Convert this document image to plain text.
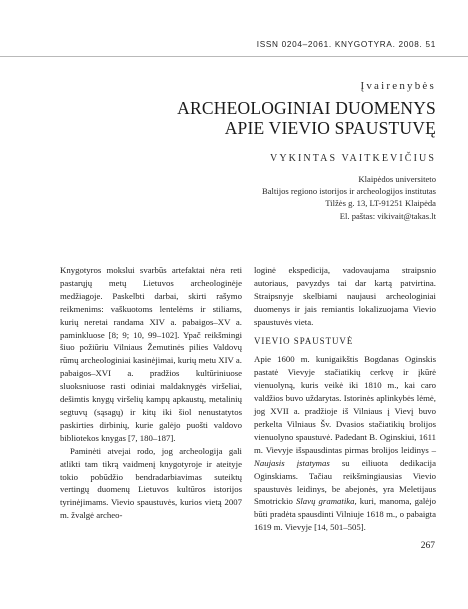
ISSN 0204–2061. KNYGOTYRA. 2008. 51
Įvairenybės
ARCHEOLOGINIAI DUOMENYS
APIE VIEVIO SPAUSTUVĘ
VYKINTAS VAITKEVIČIUS
Klaipėdos universiteto
Baltijos regiono istorijos ir archeologijos institutas
Tilžės g. 13, LT-91251 Klaipėda
El. paštas: vikivait@takas.lt

Knygotyros mokslui svarbūs artefaktai nėra reti pastarųjų metų Lietuvos archeologinėje medžiagoje. Paskelbti darbai, skirti rašymo reikmenims: vaškuotoms lentelėms ir stiliams, kurių neretai randama XIV a. pabaigos–XV a. paminkluose [8; 9; 10, 99–102]. Ypač reikšmingi šiuo požiūriu Vilniaus Žemutinės pilies Valdovų rūmų archeologiniai kasinėjimai, kurių metu XIV a. pabaigos–XVI a. pradžios kultūriniuose sluoksniuose rasti odiniai maldaknygės viršeliai, dešimtis knygų viršelių kampų apkaustų, metalinių segtuvų (sąsagų) ir kitų iki šiol nenustatytos paskirties dirbinių, kurie galėjo puošti valdovo bibliotekos knygas [7, 180–187].

Paminėti atvejai rodo, jog archeologija gali atlikti tam tikrą vaidmenį knygotyroje ir ateityje tokio pobūdžio bendradarbiavimas suteiktų vertingų duomenų Lietuvos kultūros istorijos tyrinėjimams. Vievio spaustuvės, kurios vietą 2007 m. žvalgė archeo-

loginė ekspedicija, vadovaujama straipsnio autoriaus, pavyzdys tai dar kartą patvirtina. Straipsnyje skelbiami naujausi archeologiniai duomenys ir jais remiantis lokalizuojama Vievio spaustuvės vieta.

VIEVIO SPAUSTUVĖ

Apie 1600 m. kunigaikštis Bogdanas Oginskis pastatė Vievyje stačiatikių cerkvę ir įkūrė vienuolyną, kuris veikė iki 1810 m., kai caro valdžios buvo uždarytas. Istorinės aplinkybės lėmė, jog XVII a. pradžioje iš Vilniaus į Vievį buvo perkelta Vilniaus Šv. Dvasios stačiatikių brolijos vienuolyno spaustuvė. Padedant B. Oginskiui, 1611 m. Vievyje išspausdintas pirmas brolijos leidinys – Naujasis įstatymas su eiliuota dedikacija Oginskiams. Tačiau reikšmingiausias Vievio spaustuvės leidinys, be abejonės, yra Meletijaus Smotrickio Slavų gramatika, kuri, manoma, galėjo būti pradėta spausdinti Vilniuje 1618 m., o pabaigta 1619 m. Vievyje [14, 501–505].

267
